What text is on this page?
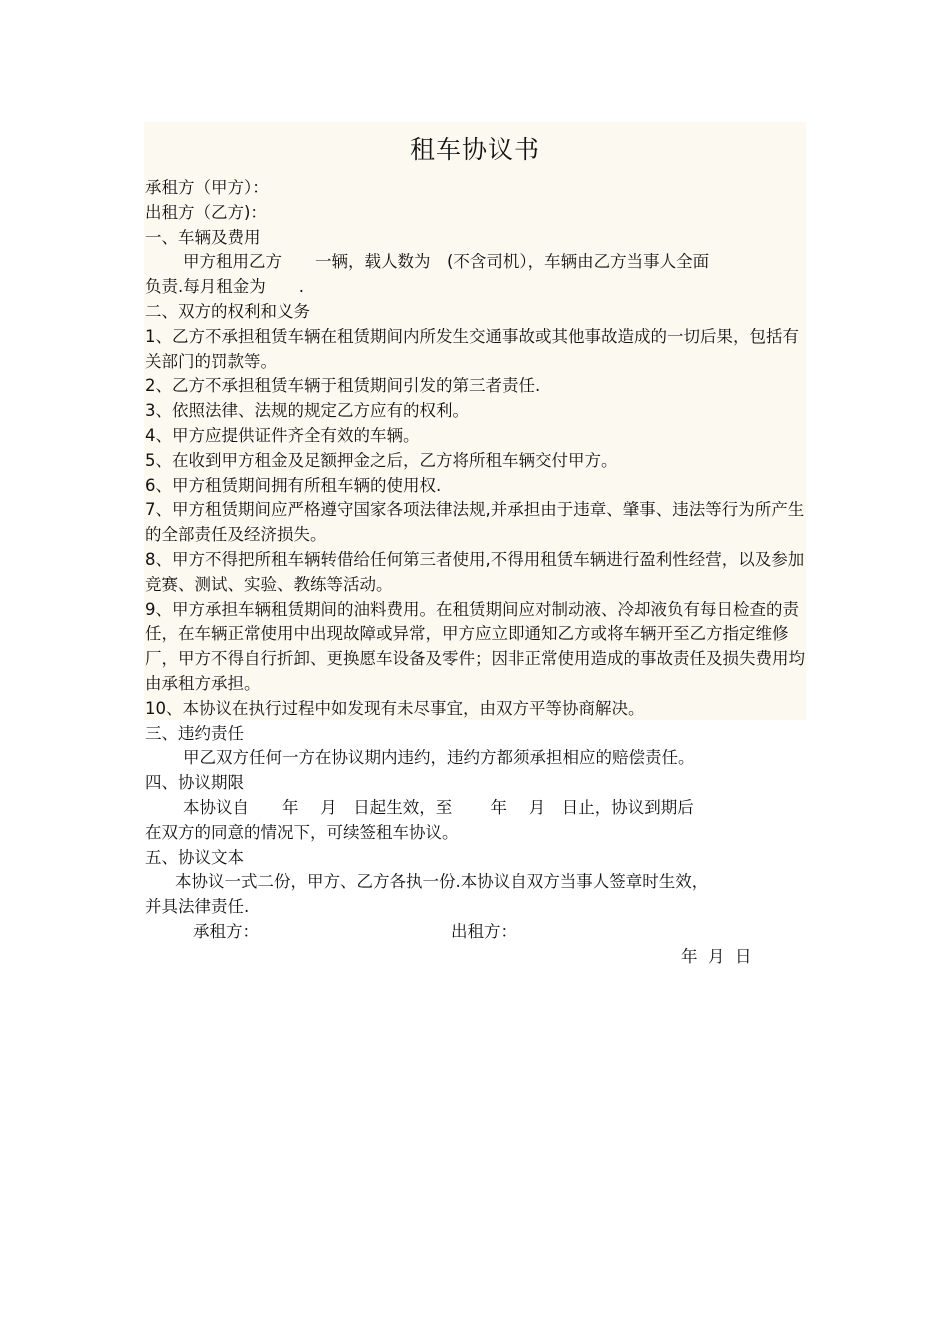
租车协议书
承租方（甲方）：
出租方（乙方)：
一、车辆及费用
甲方租用乙方　　一辆，载人数为　(不含司机），车辆由乙方当事人全面
负责.每月租金为　　.
二、双方的权利和义务
1、乙方不承担租赁车辆在租赁期间内所发生交通事故或其他事故造成的一切后果，包括有关部门的罚款等。
2、乙方不承担租赁车辆于租赁期间引发的第三者责任.
3、依照法律、法规的规定乙方应有的权利。
4、甲方应提供证件齐全有效的车辆。
5、在收到甲方租金及足额押金之后，乙方将所租车辆交付甲方。
6、甲方租赁期间拥有所租车辆的使用权.
7、甲方租赁期间应严格遵守国家各项法律法规,并承担由于违章、肇事、违法等行为所产生的全部责任及经济损失。
8、甲方不得把所租车辆转借给任何第三者使用,不得用租赁车辆进行盈利性经营，以及参加竞赛、测试、实验、教练等活动。
9、甲方承担车辆租赁期间的油料费用。在租赁期间应对制动液、冷却液负有每日检查的责任，在车辆正常使用中出现故障或异常，甲方应立即通知乙方或将车辆开至乙方指定维修厂，甲方不得自行折卸、更换愿车设备及零件；因非正常使用造成的事故责任及损失费用均由承租方承担。
10、本协议在执行过程中如发现有未尽事宜，由双方平等协商解决。
三、违约责任
甲乙双方任何一方在协议期内违约，违约方都须承担相应的赔偿责任。
四、协议期限
本协议自　　年　 月　日起生效，至　　 年　 月　日止，协议到期后
在双方的同意的情况下，可续签租车协议。
五、协议文本
本协议一式二份，甲方、乙方各执一份.本协议自双方当事人签章时生效，
并具法律责任.
承租方：	出租方：
年  月  日
